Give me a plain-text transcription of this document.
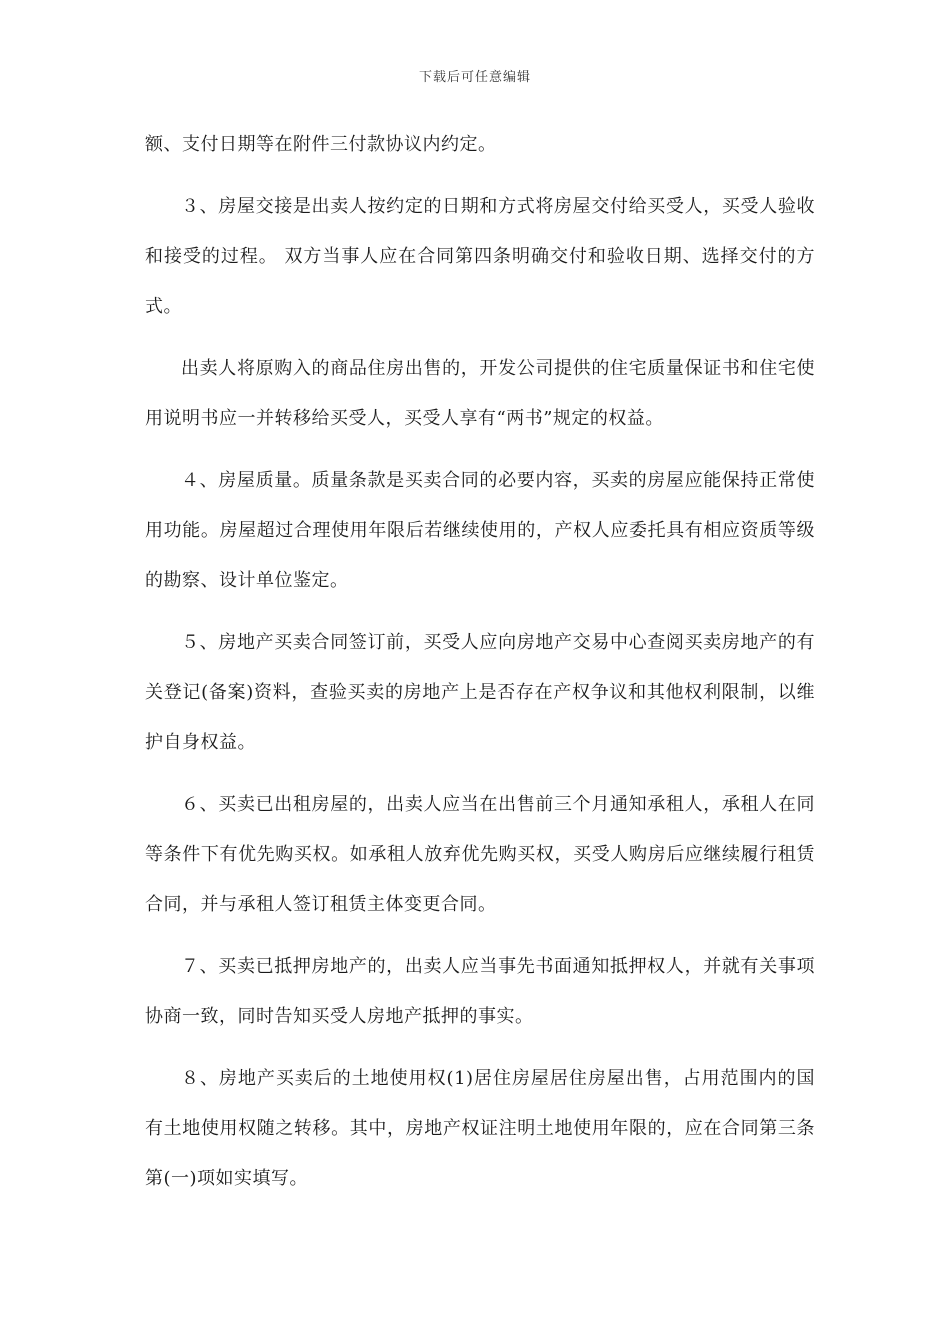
下载后可任意编辑

额、支付日期等在附件三付款协议内约定。

３、房屋交接是出卖人按约定的日期和方式将房屋交付给买受人，买受人验收和接受的过程。 双方当事人应在合同第四条明确交付和验收日期、选择交付的方式。

出卖人将原购入的商品住房出售的，开发公司提供的住宅质量保证书和住宅使用说明书应一并转移给买受人，买受人享有“两书”规定的权益。

４、房屋质量。质量条款是买卖合同的必要内容，买卖的房屋应能保持正常使用功能。房屋超过合理使用年限后若继续使用的，产权人应委托具有相应资质等级的勘察、设计单位鉴定。

５、房地产买卖合同签订前，买受人应向房地产交易中心查阅买卖房地产的有关登记(备案)资料，查验买卖的房地产上是否存在产权争议和其他权利限制，以维护自身权益。

６、买卖已出租房屋的，出卖人应当在出售前三个月通知承租人，承租人在同等条件下有优先购买权。如承租人放弃优先购买权，买受人购房后应继续履行租赁合同，并与承租人签订租赁主体变更合同。

７、买卖已抵押房地产的，出卖人应当事先书面通知抵押权人，并就有关事项协商一致，同时告知买受人房地产抵押的事实。

８、房地产买卖后的土地使用权(1)居住房屋居住房屋出售，占用范围内的国有土地使用权随之转移。其中，房地产权证注明土地使用年限的，应在合同第三条第(一)项如实填写。
